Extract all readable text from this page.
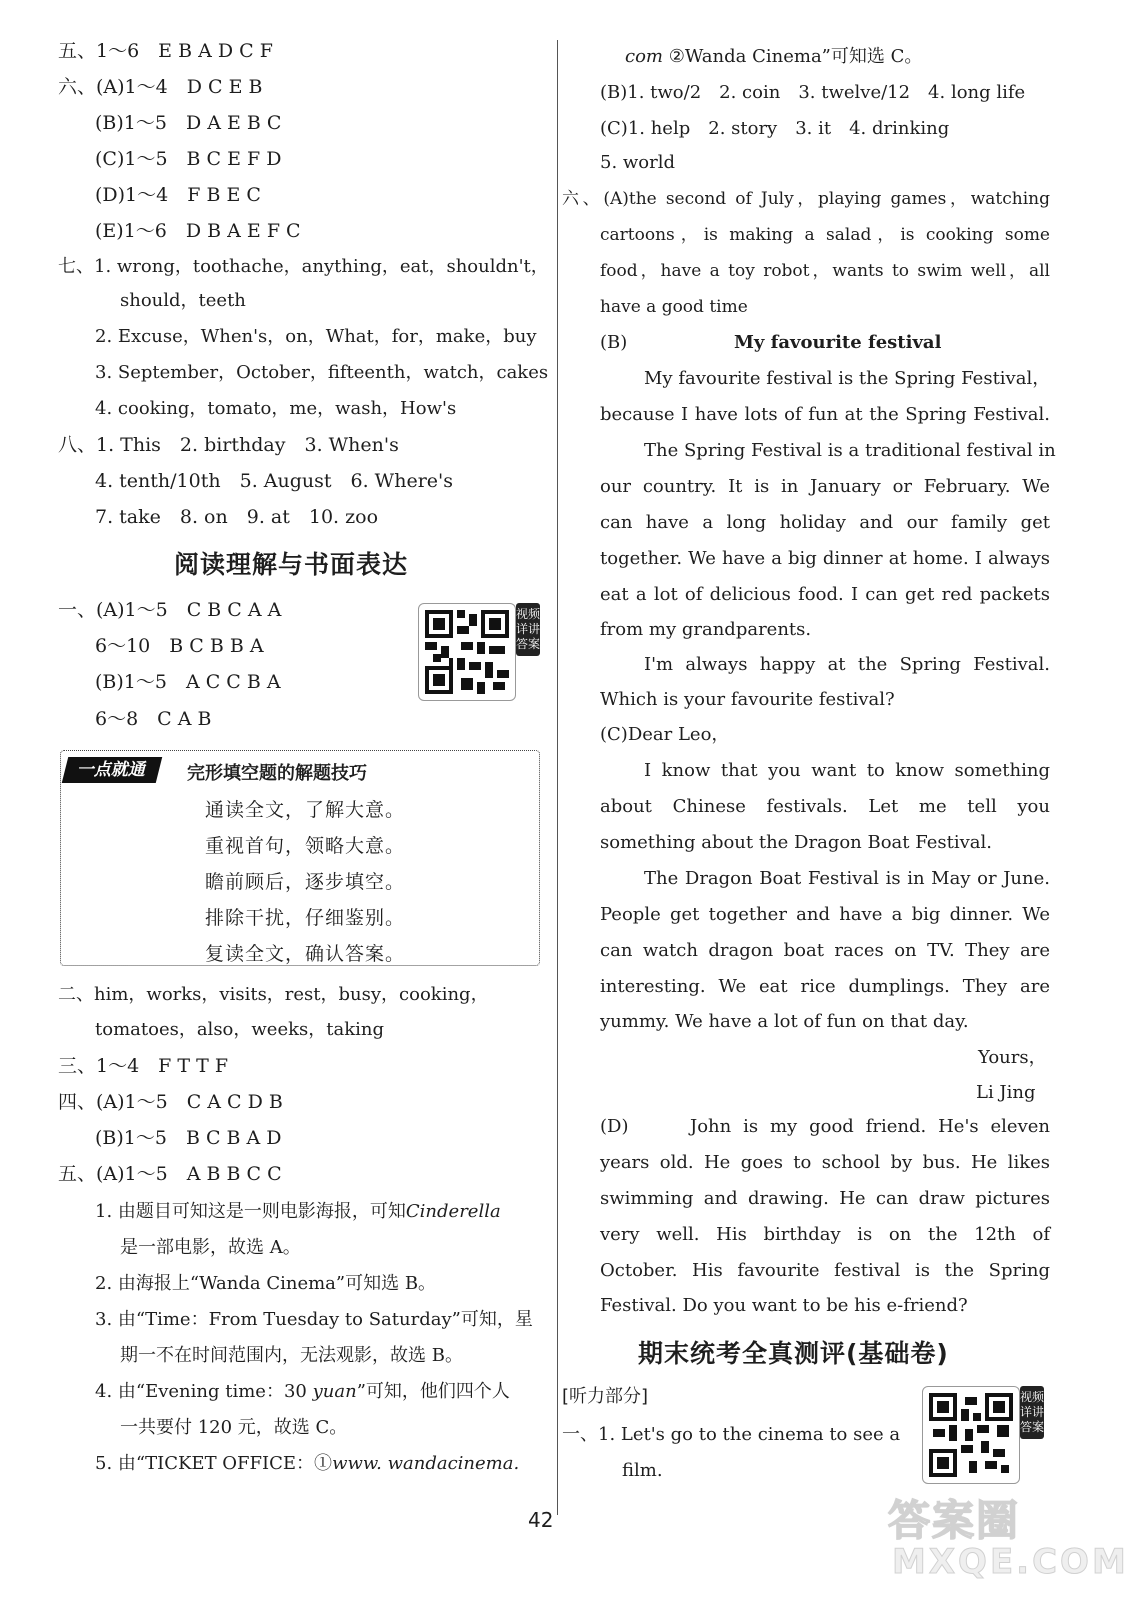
五、1～6　E B A D C F
六、(A)1～4　D C E B
(B)1～5　D A E B C
(C)1～5　B C E F D
(D)1～4　F B E C
(E)1～6　D B A E F C
七、1. wrong，toothache，anything，eat，shouldn't，
should，teeth
2. Excuse，When's，on，What，for，make，buy
3. September，October，fifteenth，watch，cakes
4. cooking，tomato，me，wash，How's
八、1. This　2. birthday　3. When's
4. tenth/10th　5. August　6. Where's
7. take　8. on　9. at　10. zoo
阅读理解与书面表达
一、(A)1～5　C B C A A
6～10　B C B B A
(B)1～5　A C C B A
6～8　C A B
视频详讲答案
一点就通	完形填空题的解题技巧
通读全文，了解大意。
重视首句，领略大意。
瞻前顾后，逐步填空。
排除干扰，仔细鉴别。
复读全文，确认答案。
二、him，works，visits，rest，busy，cooking，
tomatoes，also，weeks，taking
三、1～4　F T T F
四、(A)1～5　C A C D B
(B)1～5　B C B A D
五、(A)1～5　A B B C C
1. 由题目可知这是一则电影海报，可知Cinderella
是一部电影，故选 A。
2. 由海报上“Wanda Cinema”可知选 B。
3. 由“Time：From Tuesday to Saturday”可知，星
期一不在时间范围内，无法观影，故选 B。
4. 由“Evening time：30 yuan”可知，他们四个人
一共要付 120 元，故选 C。
5. 由“TICKET OFFICE：①www. wandacinema.
com ②Wanda Cinema”可知选 C。
(B)1. two/2　2. coin　3. twelve/12　4. long life
(C)1. help　2. story　3. it　4. drinking
5. world
六、(A)the second of July，playing games，watching
cartoons，is making a salad，is cooking some
food，have a toy robot，wants to swim well，all
have a good time
(B)	My favourite festival
My favourite festival is the Spring Festival，
because I have lots of fun at the Spring Festival.
The Spring Festival is a traditional festival in
our country. It is in January or February. We
can have a long holiday and our family get
together. We have a big dinner at home. I always
eat a lot of delicious food. I can get red packets
from my grandparents.
I'm always happy at the Spring Festival.
Which is your favourite festival?
(C)Dear Leo，
I know that you want to know something
about Chinese festivals. Let me tell you
something about the Dragon Boat Festival.
The Dragon Boat Festival is in May or June.
People get together and have a big dinner. We
can watch dragon boat races on TV. They are
interesting. We eat rice dumplings. They are
yummy. We have a lot of fun on that day.
Yours，
Li Jing
(D)	John is my good friend. He's eleven
years old. He goes to school by bus. He likes
swimming and drawing. He can draw pictures
very well. His birthday is on the 12th of
October. His favourite festival is the Spring
Festival. Do you want to be his e-friend?
期末统考全真测评(基础卷)
[听力部分]
一、1. Let's go to the cinema to see a
film.
视频详讲答案
42	答案圈
MXQE.COM
